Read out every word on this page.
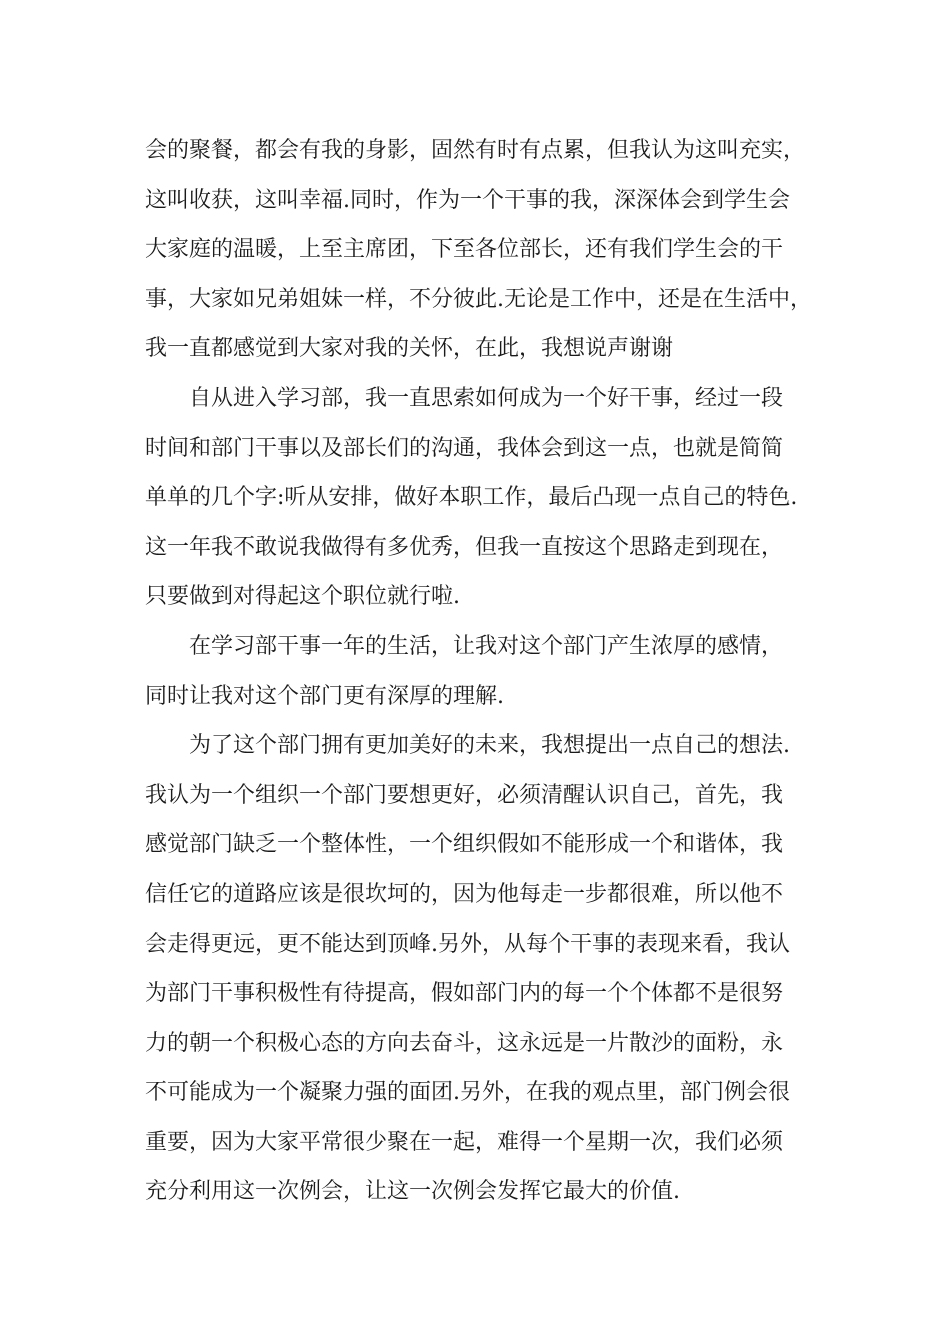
会的聚餐，都会有我的身影，固然有时有点累，但我认为这叫充实，
这叫收获，这叫幸福.同时，作为一个干事的我，深深体会到学生会
大家庭的温暖，上至主席团，下至各位部长，还有我们学生会的干
事，大家如兄弟姐妹一样，不分彼此.无论是工作中，还是在生活中，
我一直都感觉到大家对我的关怀，在此，我想说声谢谢
自从进入学习部，我一直思索如何成为一个好干事，经过一段
时间和部门干事以及部长们的沟通，我体会到这一点，也就是简简
单单的几个字:听从安排，做好本职工作，最后凸现一点自己的特色.
这一年我不敢说我做得有多优秀，但我一直按这个思路走到现在，
只要做到对得起这个职位就行啦.
在学习部干事一年的生活，让我对这个部门产生浓厚的感情，
同时让我对这个部门更有深厚的理解.
为了这个部门拥有更加美好的未来，我想提出一点自己的想法.
我认为一个组织一个部门要想更好，必须清醒认识自己，首先，我
感觉部门缺乏一个整体性，一个组织假如不能形成一个和谐体，我
信任它的道路应该是很坎坷的，因为他每走一步都很难，所以他不
会走得更远，更不能达到顶峰.另外，从每个干事的表现来看，我认
为部门干事积极性有待提高，假如部门内的每一个个体都不是很努
力的朝一个积极心态的方向去奋斗，这永远是一片散沙的面粉，永
不可能成为一个凝聚力强的面团.另外，在我的观点里，部门例会很
重要，因为大家平常很少聚在一起，难得一个星期一次，我们必须
充分利用这一次例会，让这一次例会发挥它最大的价值.
